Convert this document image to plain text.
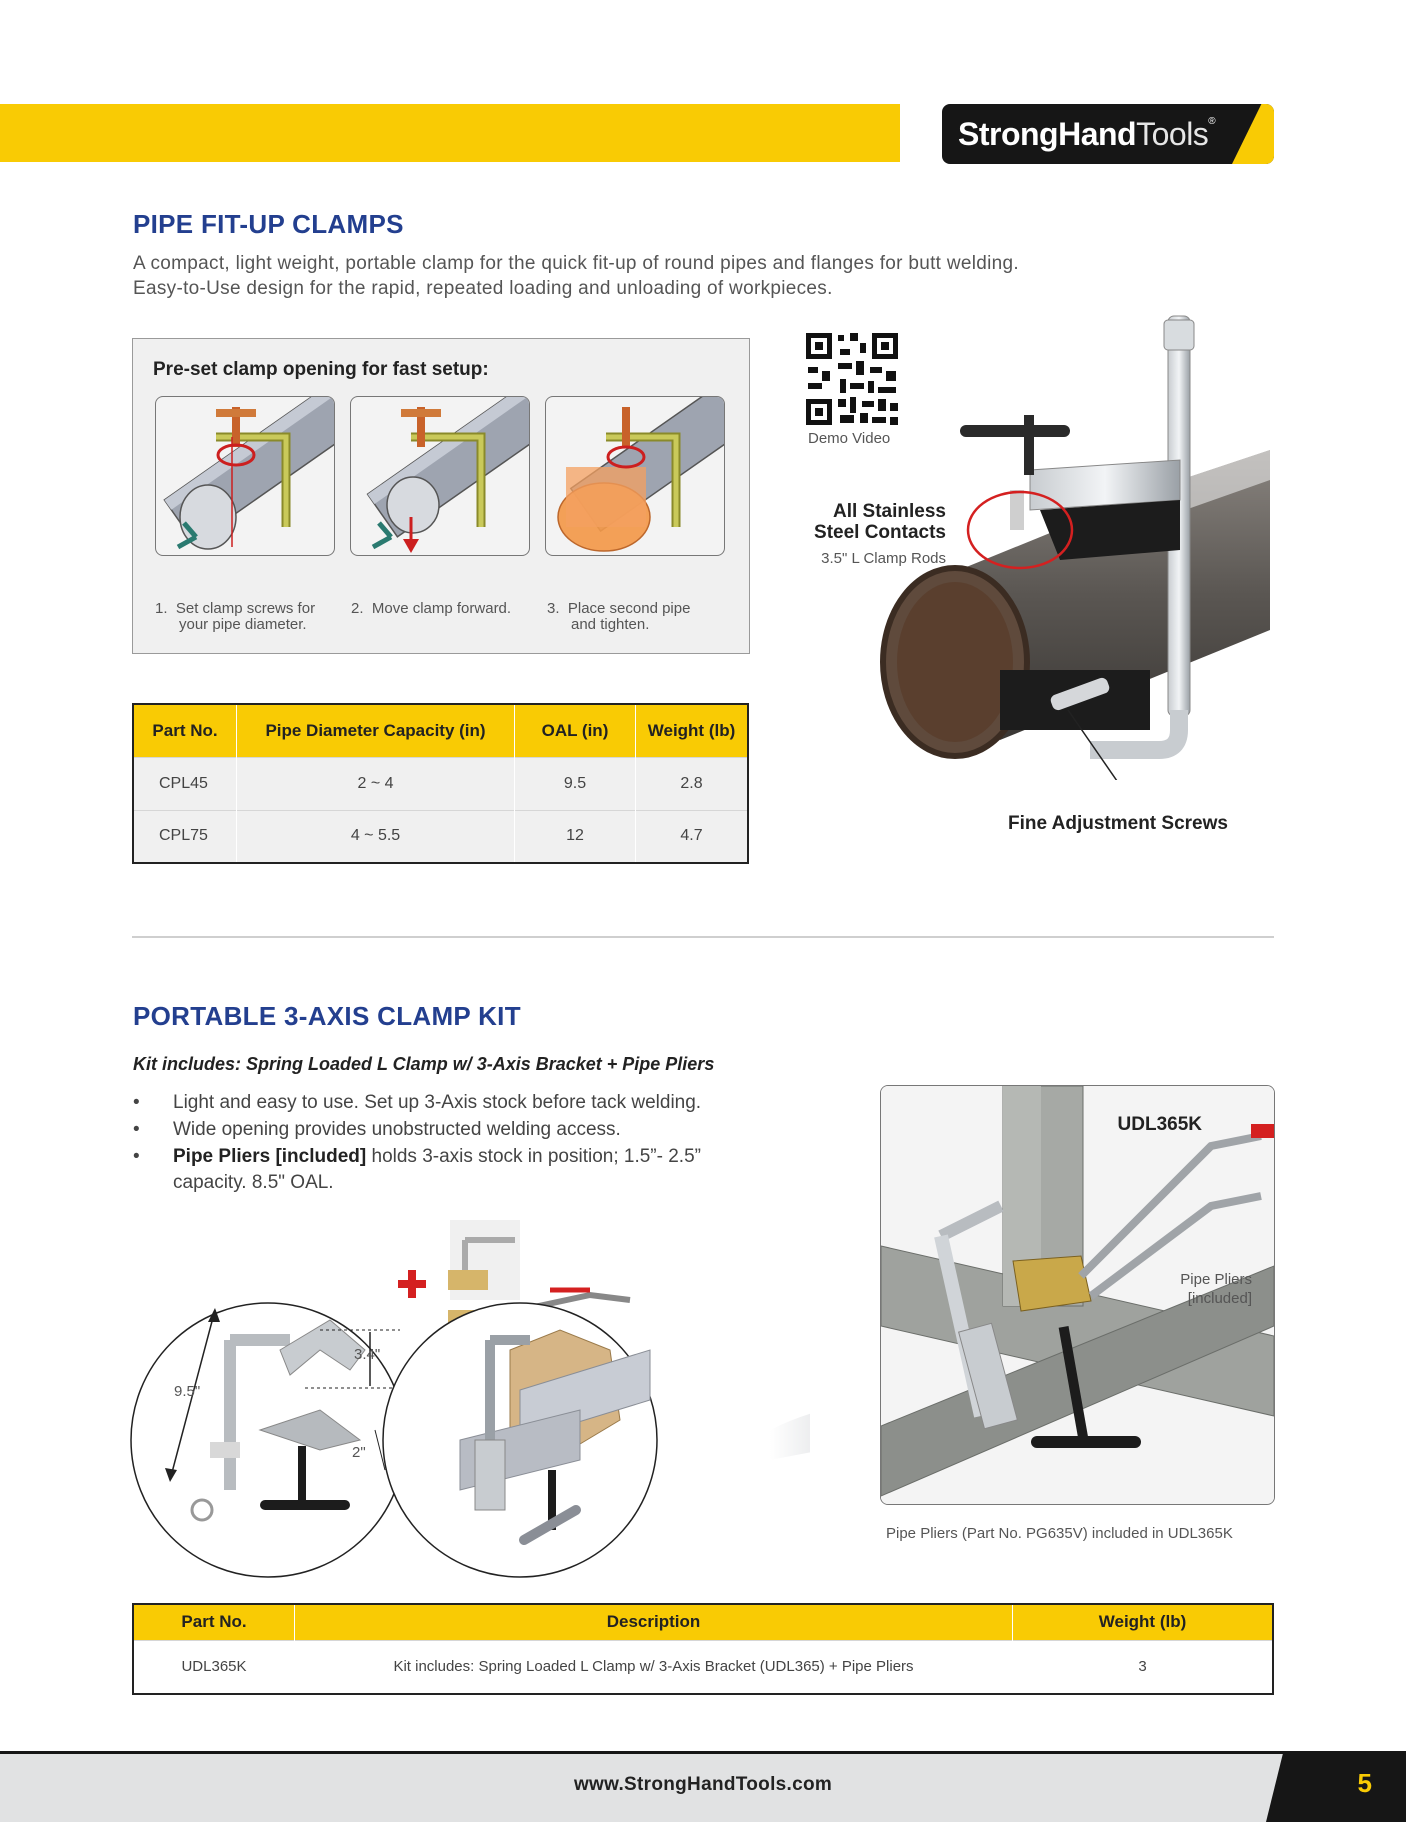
StrongHandTools®
PIPE FIT-UP CLAMPS
A compact, light weight, portable clamp for the quick fit-up of round pipes and flanges for butt welding.
Easy-to-Use design for the rapid, repeated loading and unloading of workpieces.
Pre-set clamp opening for fast setup:
1. Set clamp screws for
your pipe diameter.
2. Move clamp forward. 3. Place second pipe
and tighten.
Part No.	Pipe Diameter Capacity (in)	OAL (in)	Weight (lb)
CPL45	2 ~ 4	9.5	2.8
CPL75	4 ~ 5.5	12	4.7
Demo Video
All Stainless
Steel Contacts
3.5" L Clamp Rods
Fine Adjustment Screws
PORTABLE 3-AXIS CLAMP KIT
Kit includes: Spring Loaded L Clamp w/ 3-Axis Bracket + Pipe Pliers
• Light and easy to use. Set up 3-Axis stock before tack welding.
• Wide opening provides unobstructed welding access.
• Pipe Pliers [included] holds 3-axis stock in position; 1.5”- 2.5”
capacity. 8.5" OAL.
9.5"
3.4"
2"
UDL365K
Pipe Pliers
[included]
Pipe Pliers (Part No. PG635V) included in UDL365K
Part No.	Description	Weight (lb)
UDL365K	Kit includes: Spring Loaded L Clamp w/ 3-Axis Bracket (UDL365) + Pipe Pliers	3
www.StrongHandTools.com	5
